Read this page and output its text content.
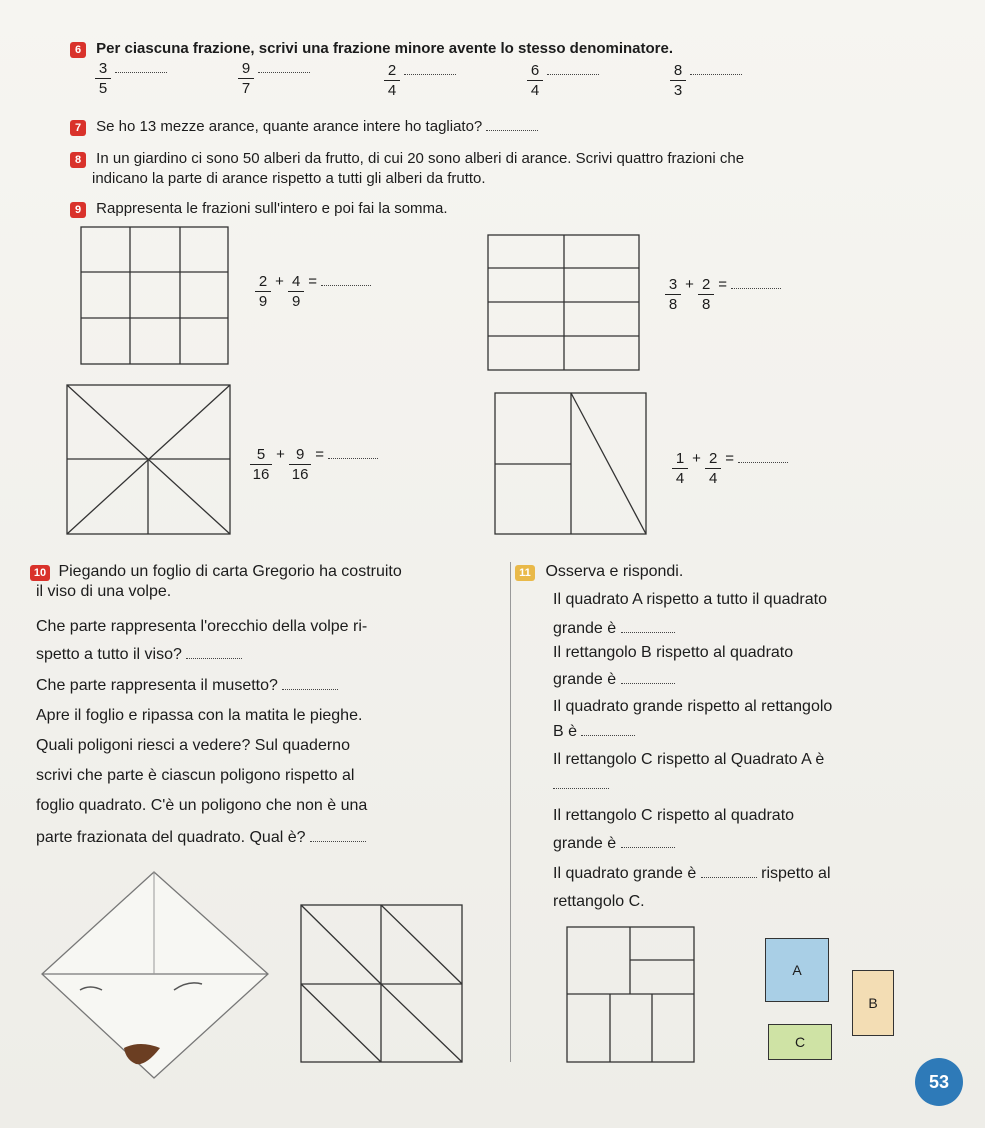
6 Per ciascuna frazione, scrivi una frazione minore avente lo stesso denominatore.
$\frac{3}{5}$
	$\frac{9}{7}$
	$\frac{2}{4}$
	$\frac{6}{4}$
	$\frac{8}{3}$

7 Se ho 13 mezze arance, quante arance intere ho tagliato?
8 In un giardino ci sono 50 alberi da frutto, di cui 20 sono alberi di arance. Scrivi quattro frazioni che
indicano la parte di arance rispetto a tutti gli alberi da frutto.
9 Rappresenta le frazioni sull'intero e poi fai la somma.
$\frac{2}{9} + \frac{4}{9}$ =	$\frac{3}{8} + \frac{2}{8}$ =
$\frac{5}{16} + \frac{9}{16}$ =	$\frac{1}{4} + \frac{2}{4}$ =
10 Piegando un foglio di carta Gregorio ha costruito
il viso di una volpe.
Che parte rappresenta l'orecchio della volpe ri-
spetto a tutto il viso?
Che parte rappresenta il musetto?
Apre il foglio e ripassa con la matita le pieghe.
Quali poligoni riesci a vedere? Sul quaderno
scrivi che parte è ciascun poligono rispetto al
foglio quadrato. C'è un poligono che non è una
parte frazionata del quadrato. Qual è?
11 Osserva e rispondi.
Il quadrato A rispetto a tutto il quadrato
grande è
Il rettangolo B rispetto al quadrato
grande è
Il quadrato grande rispetto al rettangolo
B è
Il rettangolo C rispetto al Quadrato A è
Il rettangolo C rispetto al quadrato
grande è
Il quadrato grande è	rispetto al
rettangolo C.
A
B
C
53
